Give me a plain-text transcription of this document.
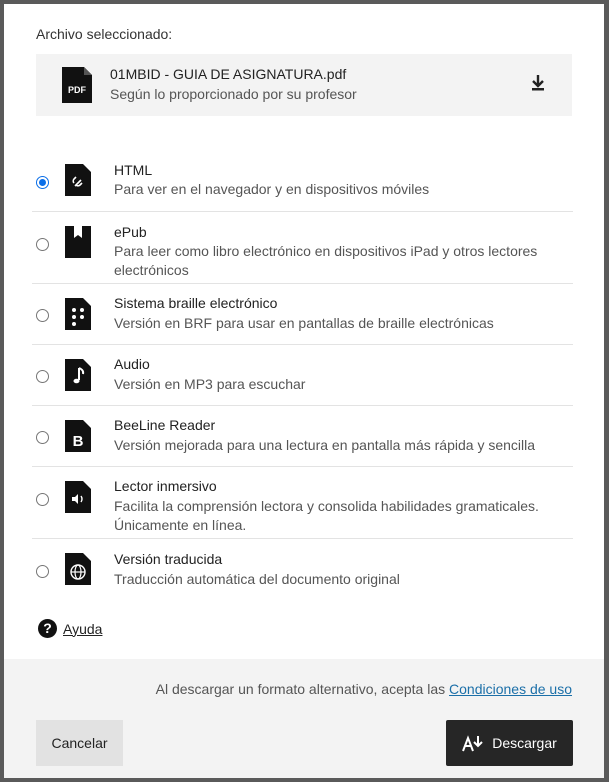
Archivo seleccionado:
PDF
01MBID - GUIA DE ASIGNATURA.pdf
Según lo proporcionado por su profesor
HTML
Para ver en el navegador y en dispositivos móviles
ePub
Para leer como libro electrónico en dispositivos iPad y otros lectores electrónicos
Sistema braille electrónico
Versión en BRF para usar en pantallas de braille electrónicas
Audio
Versión en MP3 para escuchar
B
BeeLine Reader
Versión mejorada para una lectura en pantalla más rápida y sencilla
Lector inmersivo
Facilita la comprensión lectora y consolida habilidades gramaticales. Únicamente en línea.
Versión traducida
Traducción automática del documento original
? Ayuda
Al descargar un formato alternativo, acepta las Condiciones de uso
Cancelar	Descargar
